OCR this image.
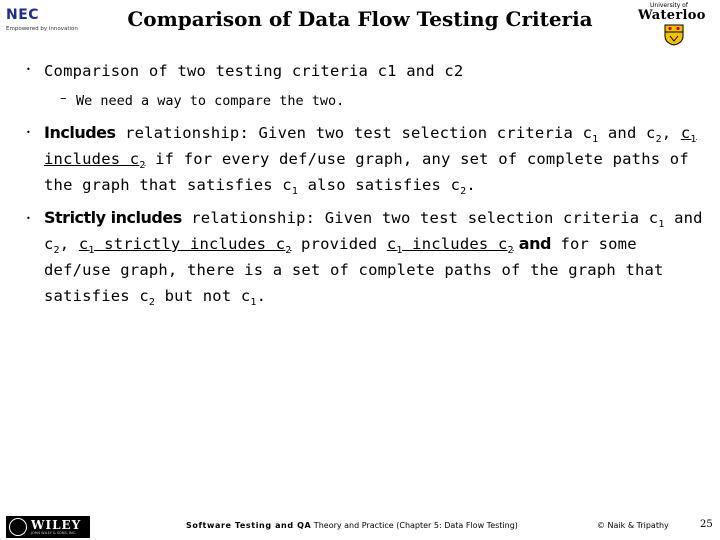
NEC
Empowered by innovation	Comparison of Data Flow Testing Criteria
University of
Waterloo
• Comparison of two testing criteria c1 and c2
– We need a way to compare the two.
• Includes relationship: Given two test selection criteria $c_1$ and $c_2$, $c_1$ includes $c_2$ if for every def/use graph, any set of complete paths of the graph that satisfies $c_1$ also satisfies $c_2$.
• Strictly includes relationship: Given two test selection criteria $c_1$ and $c_2$, $c_1$ strictly includes $c_2$ provided $c_1$ includes $c_2$ and for some def/use graph, there is a set of complete paths of the graph that satisfies $c_2$ but not $c_1$.
WILEY
JOHN WILEY & SONS, INC.
Software Testing and QA Theory and Practice (Chapter 5: Data Flow Testing)	© Naik & Tripathy	25
